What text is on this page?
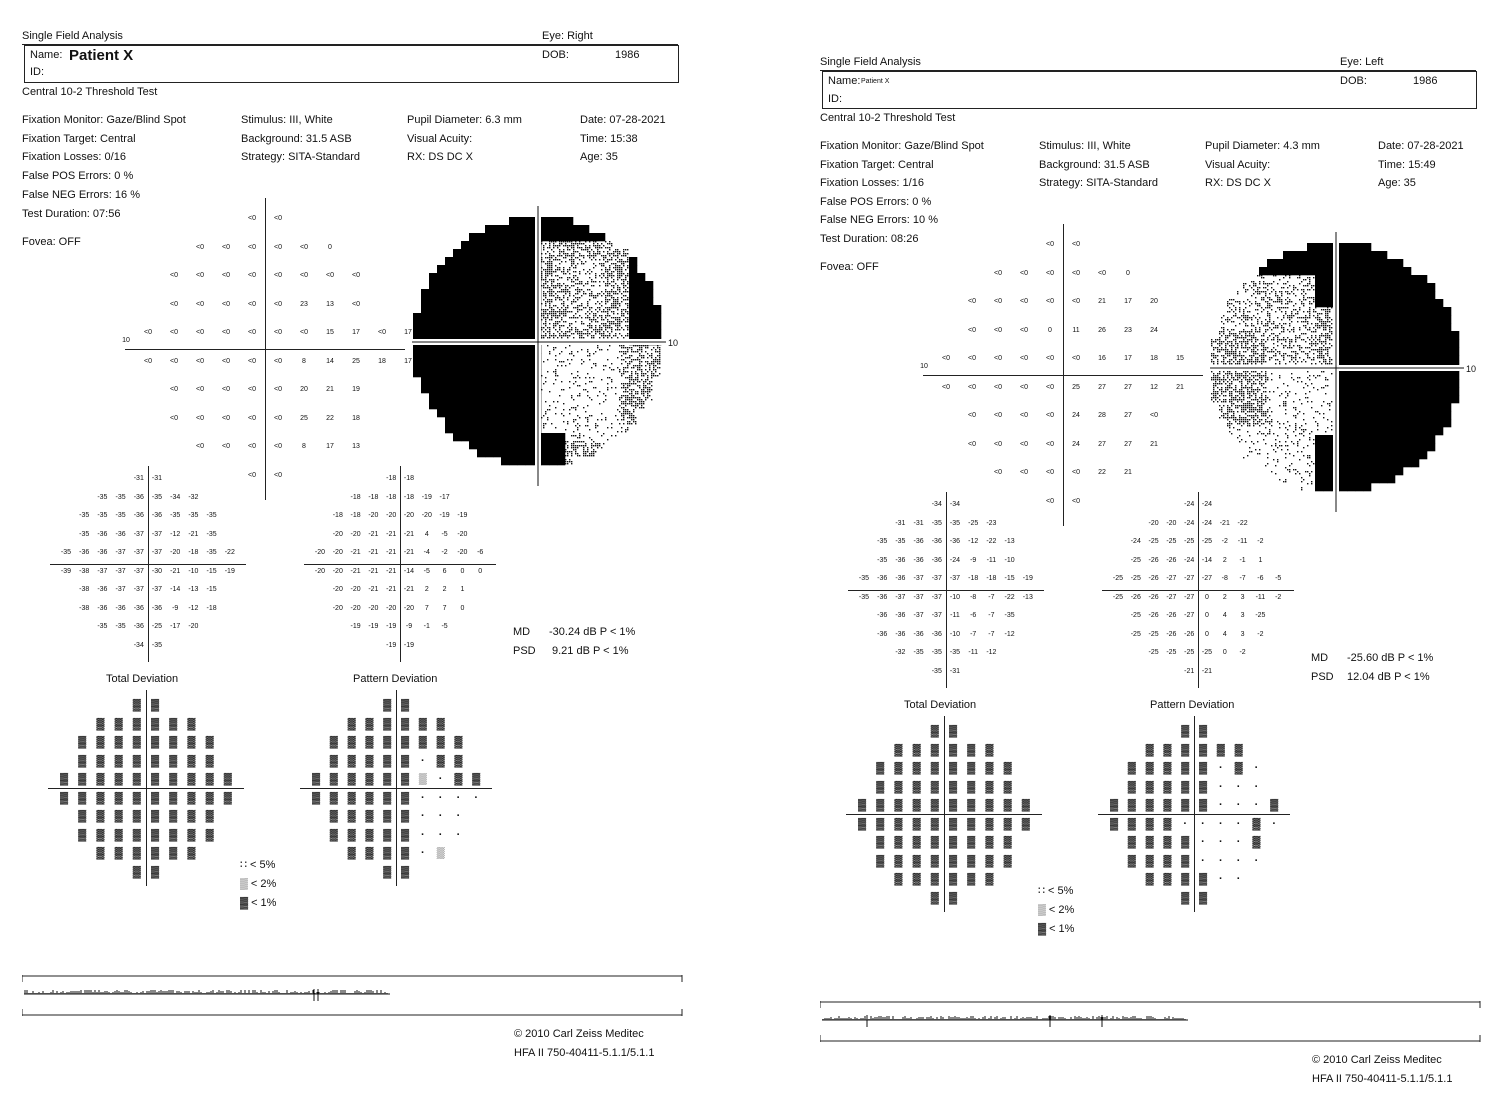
Single Field Analysis	Eye: Right
Name: Patient X
ID:
DOB:	1986
Central 10-2 Threshold Test
Fixation Monitor: Gaze/Blind Spot
Fixation Target: Central
Fixation Losses: 0/16
False POS Errors: 0 %
False NEG Errors: 16 %
Test Duration: 07:56
Fovea: OFF
Stimulus: III, White
Background: 31.5 ASB
Strategy: SITA-Standard
Pupil Diameter: 6.3 mm
Visual Acuity:
RX: DS DC X
Date: 07-28-2021
Time: 15:38
Age: 35
10
MD -30.24 dB P < 1%
PSD 9.21 dB P < 1%
Total Deviation	Pattern Deviation
∷ < 5%
▒ < 2%
▓ < 1%
© 2010 Carl Zeiss Meditec
HFA II 750-40411-5.1.1/5.1.1
<0	<0
<0	<0	<0	<0	<0	0
<0	<0	<0	<0	<0	<0	<0	<0
<0	<0	<0	<0	<0	23	13	<0
<0	<0	<0	<0	<0	<0	<0	15	17	<0	17
<0	<0	<0	<0	<0	<0	8	14	25	18	17
<0	<0	<0	<0	<0	20	21	19
<0	<0	<0	<0	<0	25	22	18
<0	<0	<0	<0	8	17	13
<0	<0
10
-31	-31
-35	-35	-36	-35	-34	-32
-35	-35	-35	-36	-36	-35	-35	-35
-35	-36	-36	-37	-37	-12	-21	-35
-35	-36	-36	-37	-37	-37	-20	-18	-35	-22
-39	-38	-37	-37	-37	-30	-21	-10	-15	-19
-38	-36	-37	-37	-37	-14	-13	-15
-38	-36	-36	-36	-36	-9	-12	-18
-35	-35	-36	-25	-17	-20
-34	-35
-18	-18
-18	-18	-18	-18	-19	-17
-18	-18	-20	-20	-20	-20	-19	-19
-20	-20	-21	-21	-21	4	-5	-20
-20	-20	-21	-21	-21	-21	-4	-2	-20	-6
-20	-20	-21	-21	-21	-14	-5	6	0	0
-20	-20	-21	-21	-21	2	2	1
-20	-20	-20	-20	-20	7	7	0
-19	-19	-19	-9	-1	-5
-19	-19
▓ ▓
▓ ▓ ▓ ▓ ▓ ▓
▓ ▓ ▓ ▓ ▓ ▓ ▓ ▓
▓ ▓ ▓ ▓ ▓ ▓ ▓ ▓
▓ ▓ ▓ ▓ ▓ ▓ ▓ ▓ ▓ ▓
▓ ▓ ▓ ▓ ▓ ▓ ▓ ▓ ▓ ▓
▓ ▓ ▓ ▓ ▓ ▓ ▓ ▓
▓ ▓ ▓ ▓ ▓ ▓ ▓ ▓
▓ ▓ ▓ ▓ ▓ ▓
▓ ▓
▓ ▓
▓ ▓ ▓ ▓ ▓ ▓
▓ ▓ ▓ ▓ ▓ ▓ ▓ ▓
▓ ▓ ▓ ▓ ▓	·	▓ ▓
▓ ▓ ▓ ▓ ▓ ▓ ▒	·	▓ ▓
▓ ▓ ▓ ▓ ▓ ▓	·	·	·	·
▓ ▓ ▓ ▓ ▓	·	·	·
▓ ▓ ▓ ▓ ▓	·	·	·
▓ ▓ ▓ ▓	·	▒
▓ ▓
Single Field Analysis	Eye: Left
Name: Patient X
ID:
DOB:	1986
Central 10-2 Threshold Test
Fixation Monitor: Gaze/Blind Spot
Fixation Target: Central
Fixation Losses: 1/16
False POS Errors: 0 %
False NEG Errors: 10 %
Test Duration: 08:26
Fovea: OFF
Stimulus: III, White
Background: 31.5 ASB
Strategy: SITA-Standard
Pupil Diameter: 4.3 mm
Visual Acuity:
RX: DS DC X
Date: 07-28-2021
Time: 15:49
Age: 35
10
MD -25.60 dB P < 1%
PSD 12.04 dB P < 1%
Total Deviation	Pattern Deviation
∷ < 5%
▒ < 2%
▓ < 1%
© 2010 Carl Zeiss Meditec
HFA II 750-40411-5.1.1/5.1.1
<0	<0
<0	<0	<0	<0	<0	0
<0	<0	<0	<0	<0	21	17	20
<0	<0	<0	0	11	26	23	24
<0	<0	<0	<0	<0	<0	16	17	18	15
<0	<0	<0	<0	<0	25	27	27	12	21
<0	<0	<0	<0	24	28	27	<0
<0	<0	<0	<0	24	27	27	21
<0	<0	<0	<0	22	21
<0	<0
10
-34	-34
-31	-31	-35	-35	-25	-23
-35	-35	-36	-36	-36	-12	-22	-13
-35	-36	-36	-36	-24	-9	-11	-10
-35	-36	-36	-37	-37	-37	-18	-18	-15	-19
-35	-36	-37	-37	-37	-10	-8	-7	-22	-13
-36	-36	-37	-37	-11	-6	-7	-35
-36	-36	-36	-36	-10	-7	-7	-12
-32	-35	-35	-35	-11	-12
-35	-31
-24	-24
-20	-20	-24	-24	-21	-22
-24	-25	-25	-25	-25	-2	-11	-2
-25	-26	-26	-24	-14	2	-1	1
-25	-25	-26	-27	-27	-27	-8	-7	-6	-5
-25	-26	-26	-27	-27	0	2	3	-11	-2
-25	-26	-26	-27	0	4	3	-25
-25	-25	-26	-26	0	4	3	-2
-25	-25	-25	-25	0	-2
-21	-21
▓ ▓
▓ ▓ ▓ ▓ ▓ ▓
▓ ▓ ▓ ▓ ▓ ▓ ▓ ▓
▓ ▓ ▓ ▓ ▓ ▓ ▓ ▓
▓ ▓ ▓ ▓ ▓ ▓ ▓ ▓ ▓ ▓
▓ ▓ ▓ ▓ ▓ ▓ ▓ ▓ ▓ ▓
▓ ▓ ▓ ▓ ▓ ▓ ▓ ▓
▓ ▓ ▓ ▓ ▓ ▓ ▓ ▓
▓ ▓ ▓ ▓ ▓ ▓
▓ ▓
▓ ▓
▓ ▓ ▓ ▓ ▓ ▓
▓ ▓ ▓ ▓ ▓	·	▓	·
▓ ▓ ▓ ▓ ▓	·	·	·
▓ ▓ ▓ ▓ ▓ ▓	·	·	·	▓
▓ ▓ ▓ ▓	·	·	·	·	▓	·
▓ ▓ ▓ ▓	·	·	·	▓
▓ ▓ ▓ ▓	·	·	·	·
▓ ▓ ▓ ▓	·	·
▓ ▓
